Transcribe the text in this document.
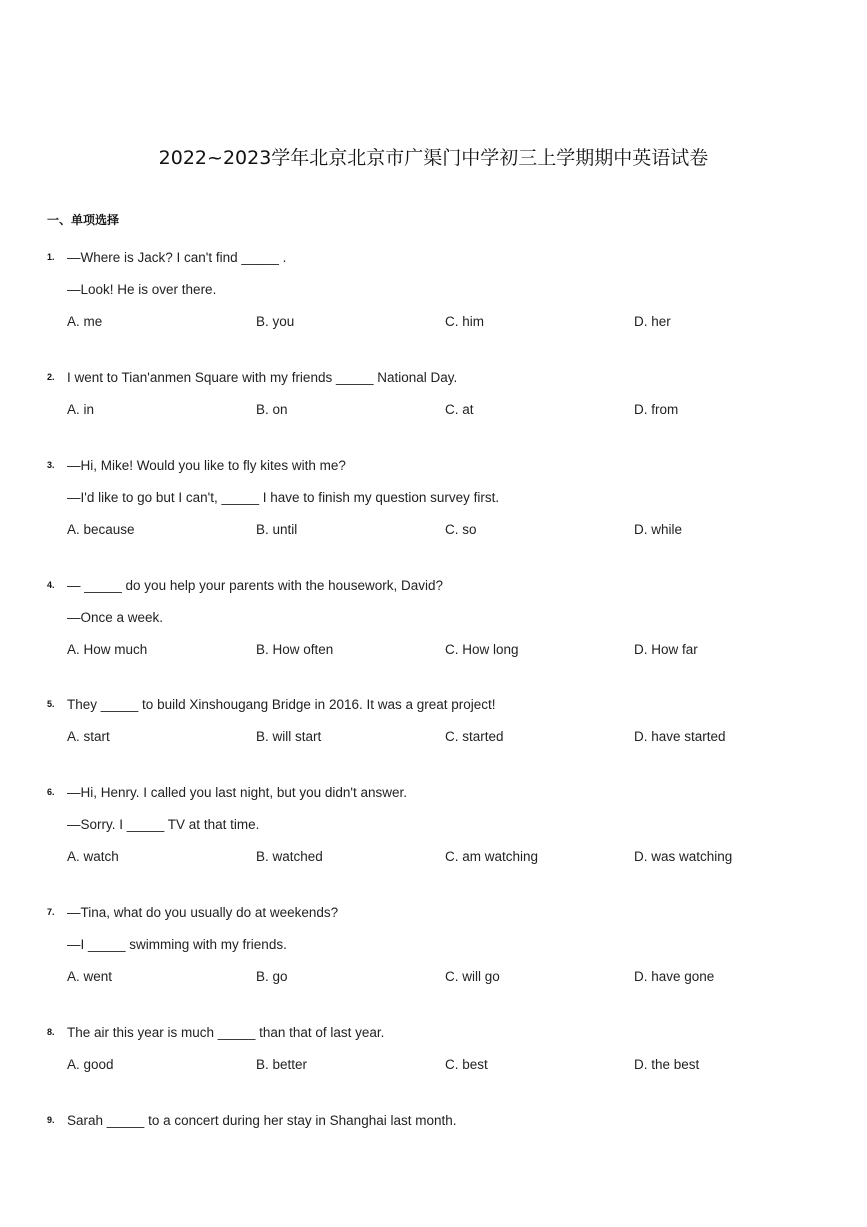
2022~2023学年北京北京市广渠门中学初三上学期期中英语试卷
一、单项选择
1. —Where is Jack? I can't find _____ .
—Look! He is over there.
A. me	B. you	C. him	D. her
2. I went to Tian'anmen Square with my friends _____ National Day.
A. in	B. on	C. at	D. from
3. —Hi, Mike! Would you like to fly kites with me?
—I'd like to go but I can't, _____ I have to finish my question survey first.
A. because	B. until	C. so	D. while
4. — _____ do you help your parents with the housework, David?
—Once a week.
A. How much	B. How often	C. How long	D. How far
5. They _____ to build Xinshougang Bridge in 2016. It was a great project!
A. start	B. will start	C. started	D. have started
6. —Hi, Henry. I called you last night, but you didn't answer.
—Sorry. I _____ TV at that time.
A. watch	B. watched	C. am watching	D. was watching
7. —Tina, what do you usually do at weekends?
—I _____ swimming with my friends.
A. went	B. go	C. will go	D. have gone
8. The air this year is much _____ than that of last year.
A. good	B. better	C. best	D. the best
9. Sarah _____ to a concert during her stay in Shanghai last month.
